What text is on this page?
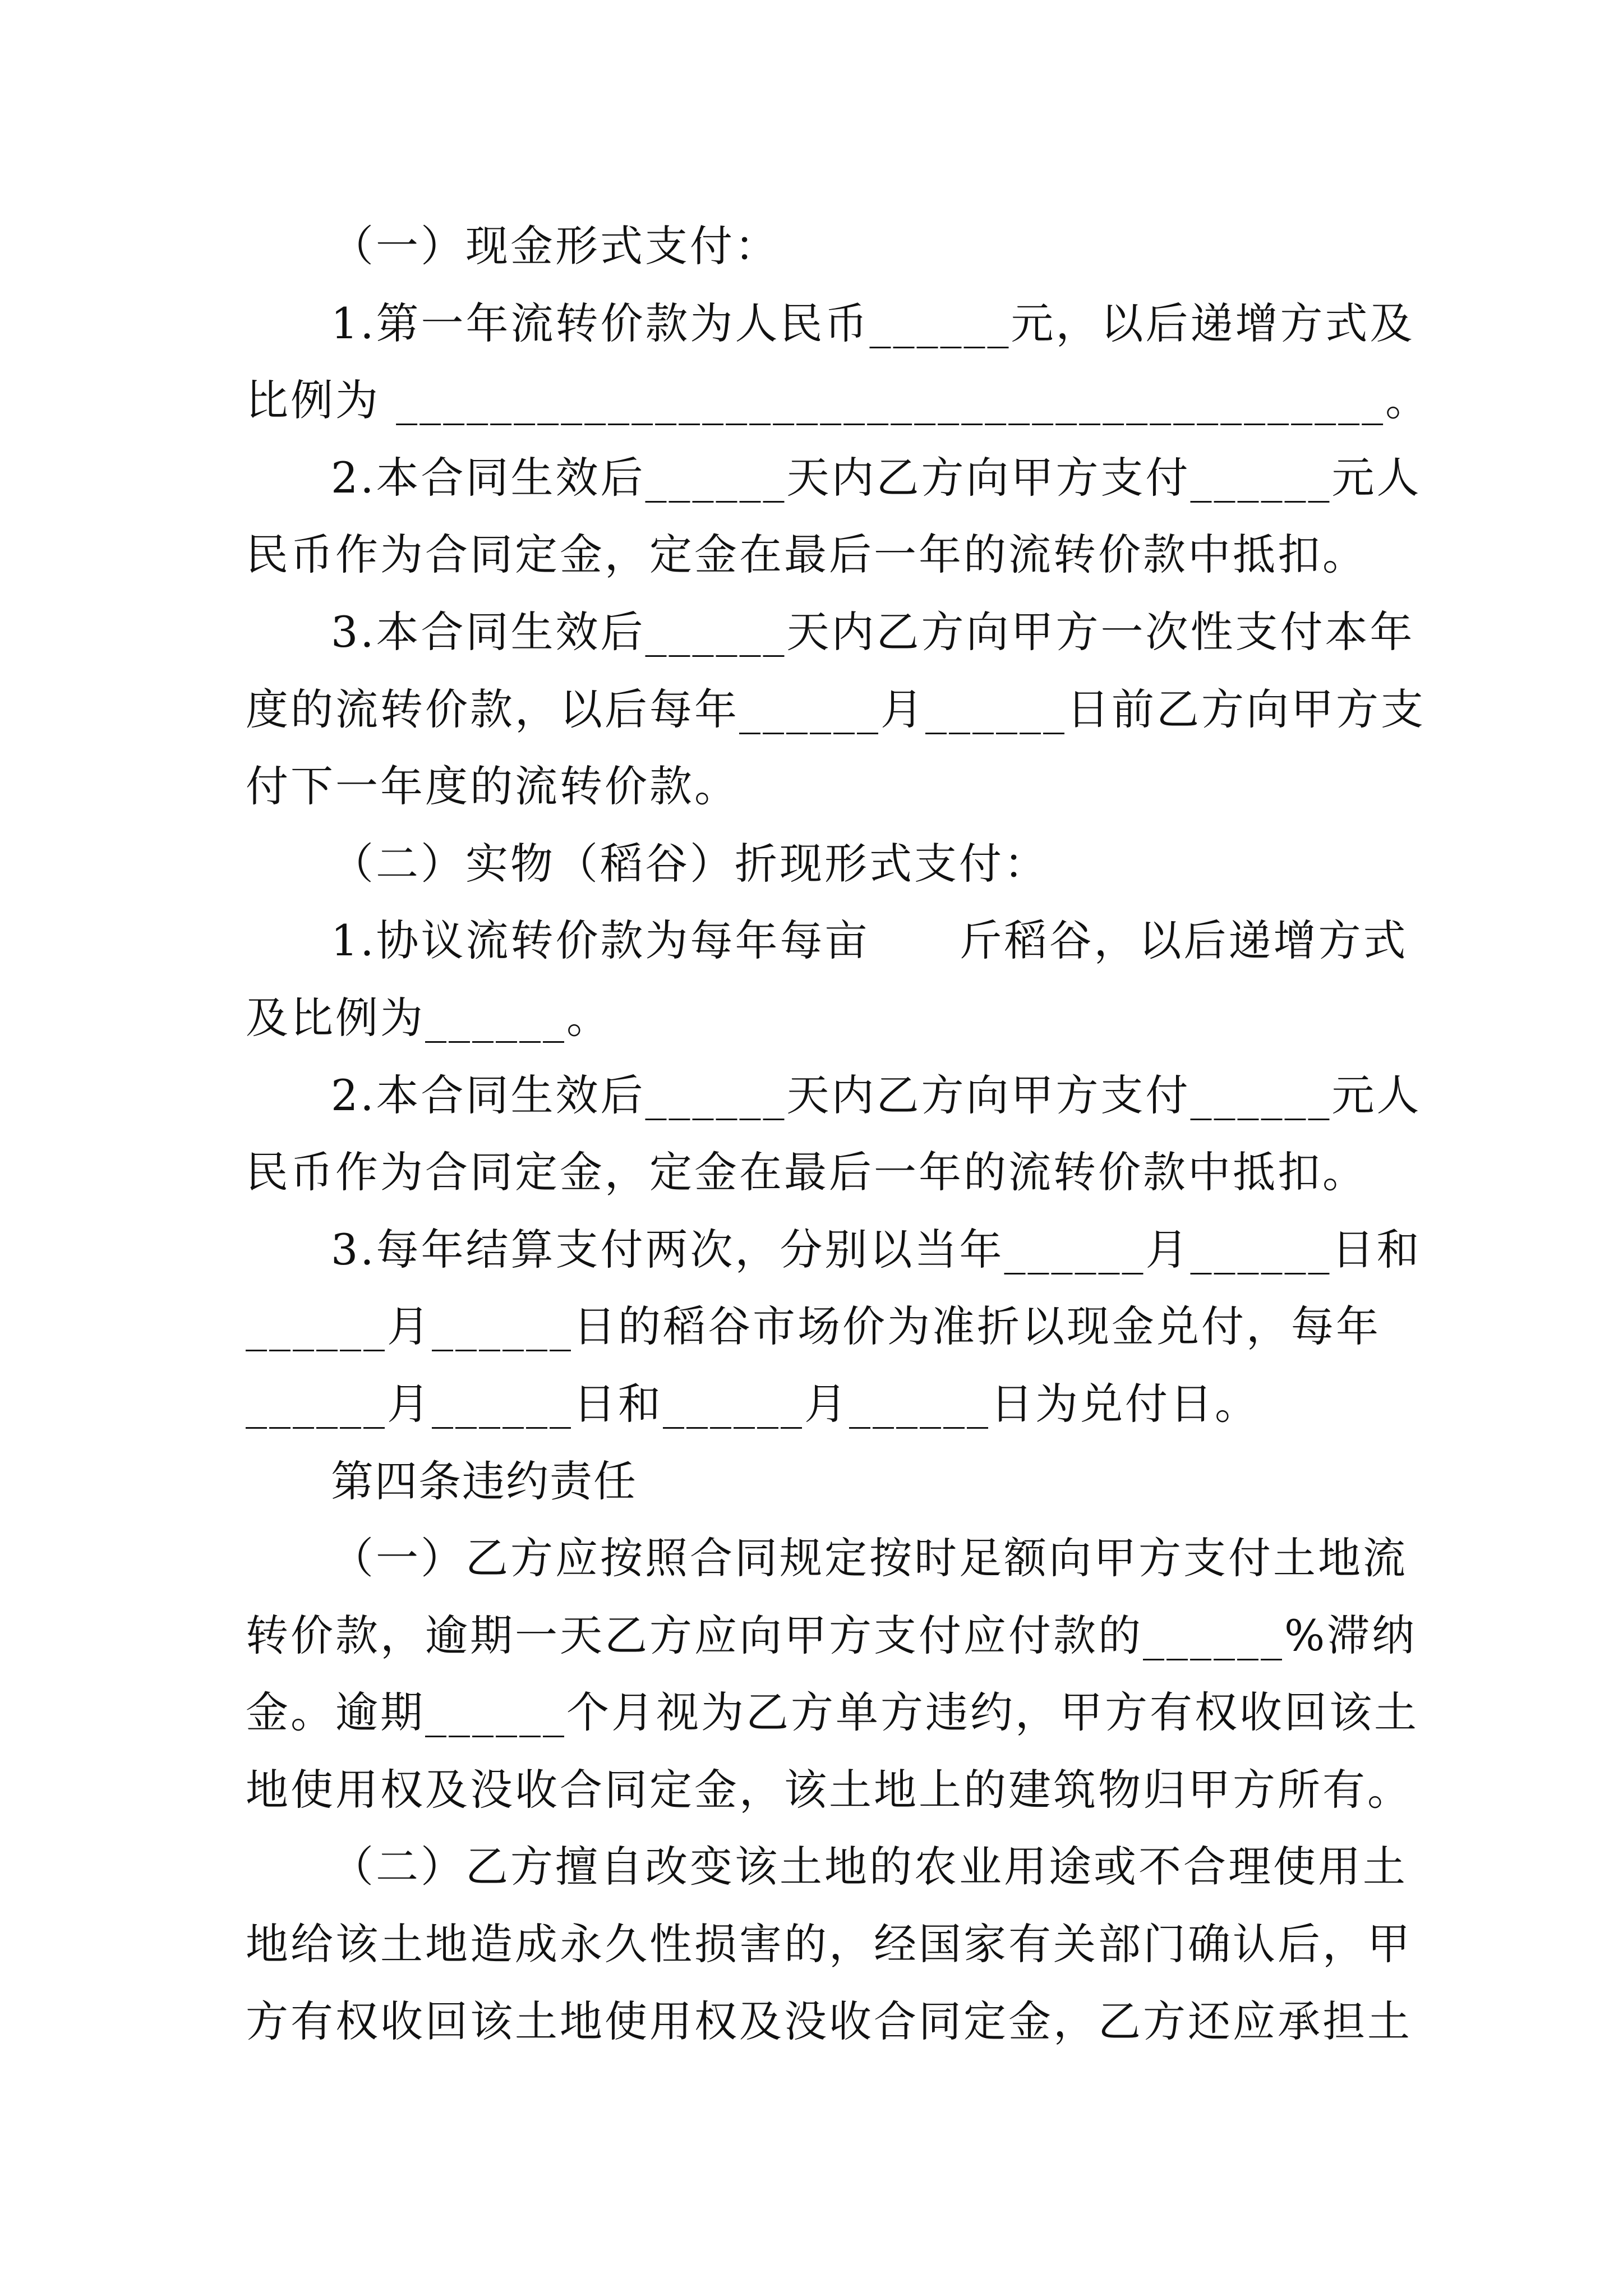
（一）现金形式支付：
1.第一年流转价款为人民币______元，以后递增方式及
比例为 __________________________________________。
2.本合同生效后______天内乙方向甲方支付______元人
民币作为合同定金，定金在最后一年的流转价款中抵扣。
3.本合同生效后______天内乙方向甲方一次性支付本年
度的流转价款，以后每年______月______日前乙方向甲方支
付下一年度的流转价款。
（二）实物（稻谷）折现形式支付：
1.协议流转价款为每年每亩　　斤稻谷，以后递增方式
及比例为______。
2.本合同生效后______天内乙方向甲方支付______元人
民币作为合同定金，定金在最后一年的流转价款中抵扣。
3.每年结算支付两次，分别以当年______月______日和
______月______日的稻谷市场价为准折以现金兑付，每年
______月______日和______月______日为兑付日。
第四条违约责任
（一）乙方应按照合同规定按时足额向甲方支付土地流
转价款，逾期一天乙方应向甲方支付应付款的______%滞纳
金。逾期______个月视为乙方单方违约，甲方有权收回该土
地使用权及没收合同定金，该土地上的建筑物归甲方所有。
（二）乙方擅自改变该土地的农业用途或不合理使用土
地给该土地造成永久性损害的，经国家有关部门确认后，甲
方有权收回该土地使用权及没收合同定金，乙方还应承担土
